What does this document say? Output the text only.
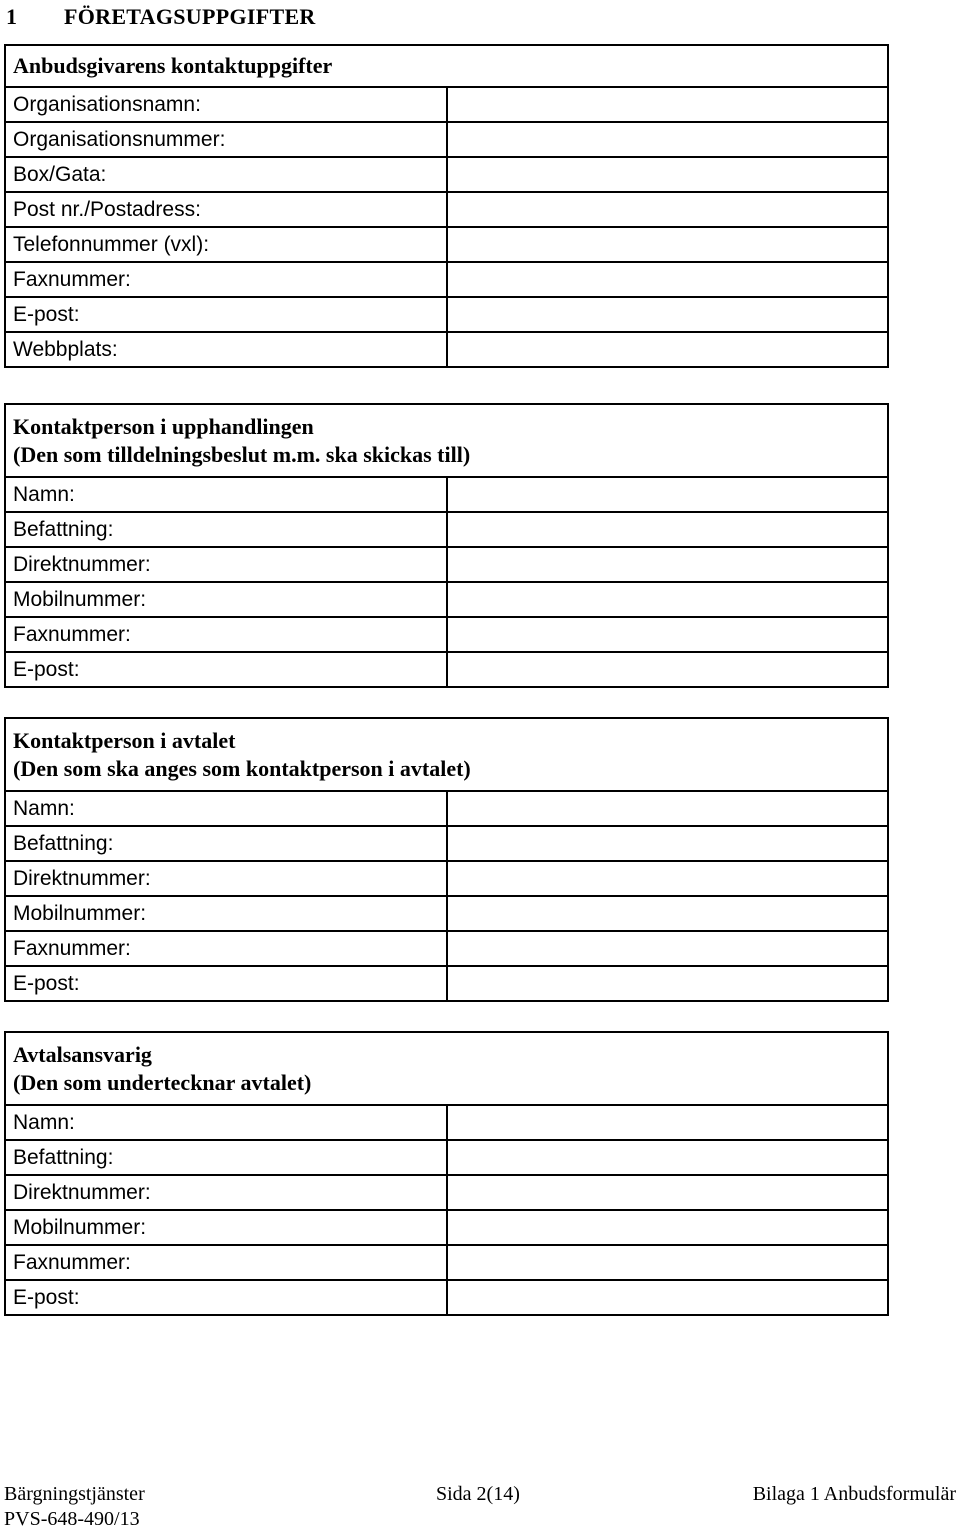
1 FÖRETAGSUPPGIFTER
Anbudsgivarens kontaktuppgifter	
Organisationsnamn:	
Organisationsnummer:	
Box/Gata:	
Post nr./Postadress:	
Telefonnummer (vxl):	
Faxnummer:	
E-post:	
Webbplats:	
Kontaktperson i upphandlingen	
(Den som tilldelningsbeslut m.m. ska skickas till)	
Namn:	
Befattning:	
Direktnummer:	
Mobilnummer:	
Faxnummer:	
E-post:	
Kontaktperson i avtalet	
(Den som ska anges som kontaktperson i avtalet)	
Namn:	
Befattning:	
Direktnummer:	
Mobilnummer:	
Faxnummer:	
E-post:	
Avtalsansvarig	
(Den som undertecknar avtalet)	
Namn:	
Befattning:	
Direktnummer:	
Mobilnummer:	
Faxnummer:	
E-post:	
Bärgningstjänster	Sida 2(14)	Bilaga 1 Anbudsformulär
PVS-648-490/13
